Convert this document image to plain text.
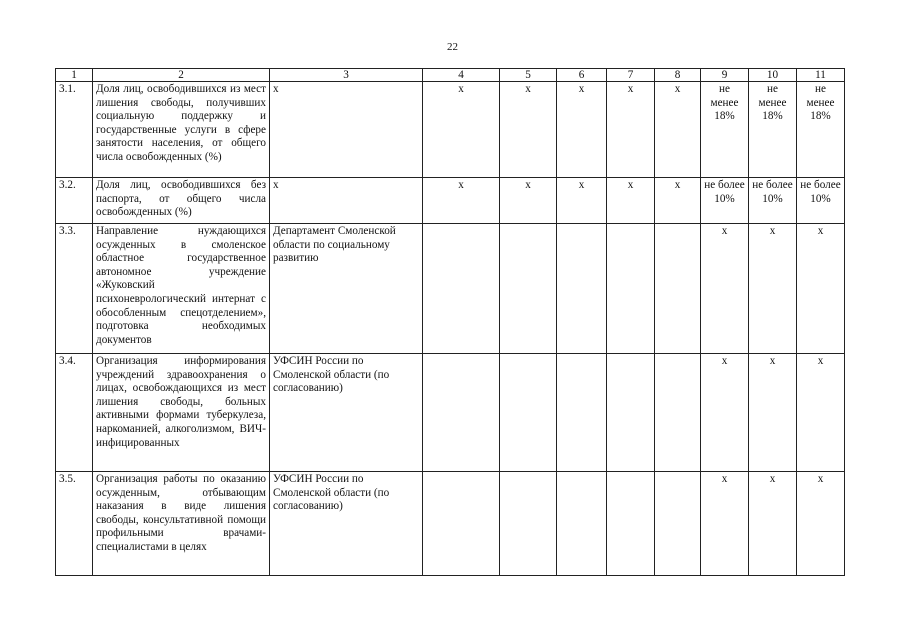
22
1	2	3	4	5	6	7	8	9	10	11
3.1.	Доля лиц, освободившихся из мест лишения свободы, получивших социальную поддержку и государственные услуги в сфере занятости населения, от общего числа освобожденных (%)	x	x	x	x	x	x	не менее 18%	не менее 18%	не менее 18%
3.2.	Доля лиц, освободившихся без паспорта, от общего числа освобожденных (%)	x	x	x	x	x	x	не более 10%	не более 10%	не более 10%
3.3.	Направление нуждающихся осужденных в смоленское областное государственное автономное учреждение «Жуковский психоневрологический интернат с обособленным спецотделением», подготовка необходимых документов	Департамент Смоленской области по социальному развитию						x	x	x
3.4.	Организация информирования учреждений здравоохранения о лицах, освобождающихся из мест лишения свободы, больных активными формами туберкулеза, наркоманией, алкоголизмом, ВИЧ-инфицированных	УФСИН России по Смоленской области (по согласованию)						x	x	x
3.5.	Организация работы по оказанию осужденным, отбывающим наказания в виде лишения свободы, консультативной помощи профильными врачами-специалистами в целях	УФСИН России по Смоленской области (по согласованию)						x	x	x
